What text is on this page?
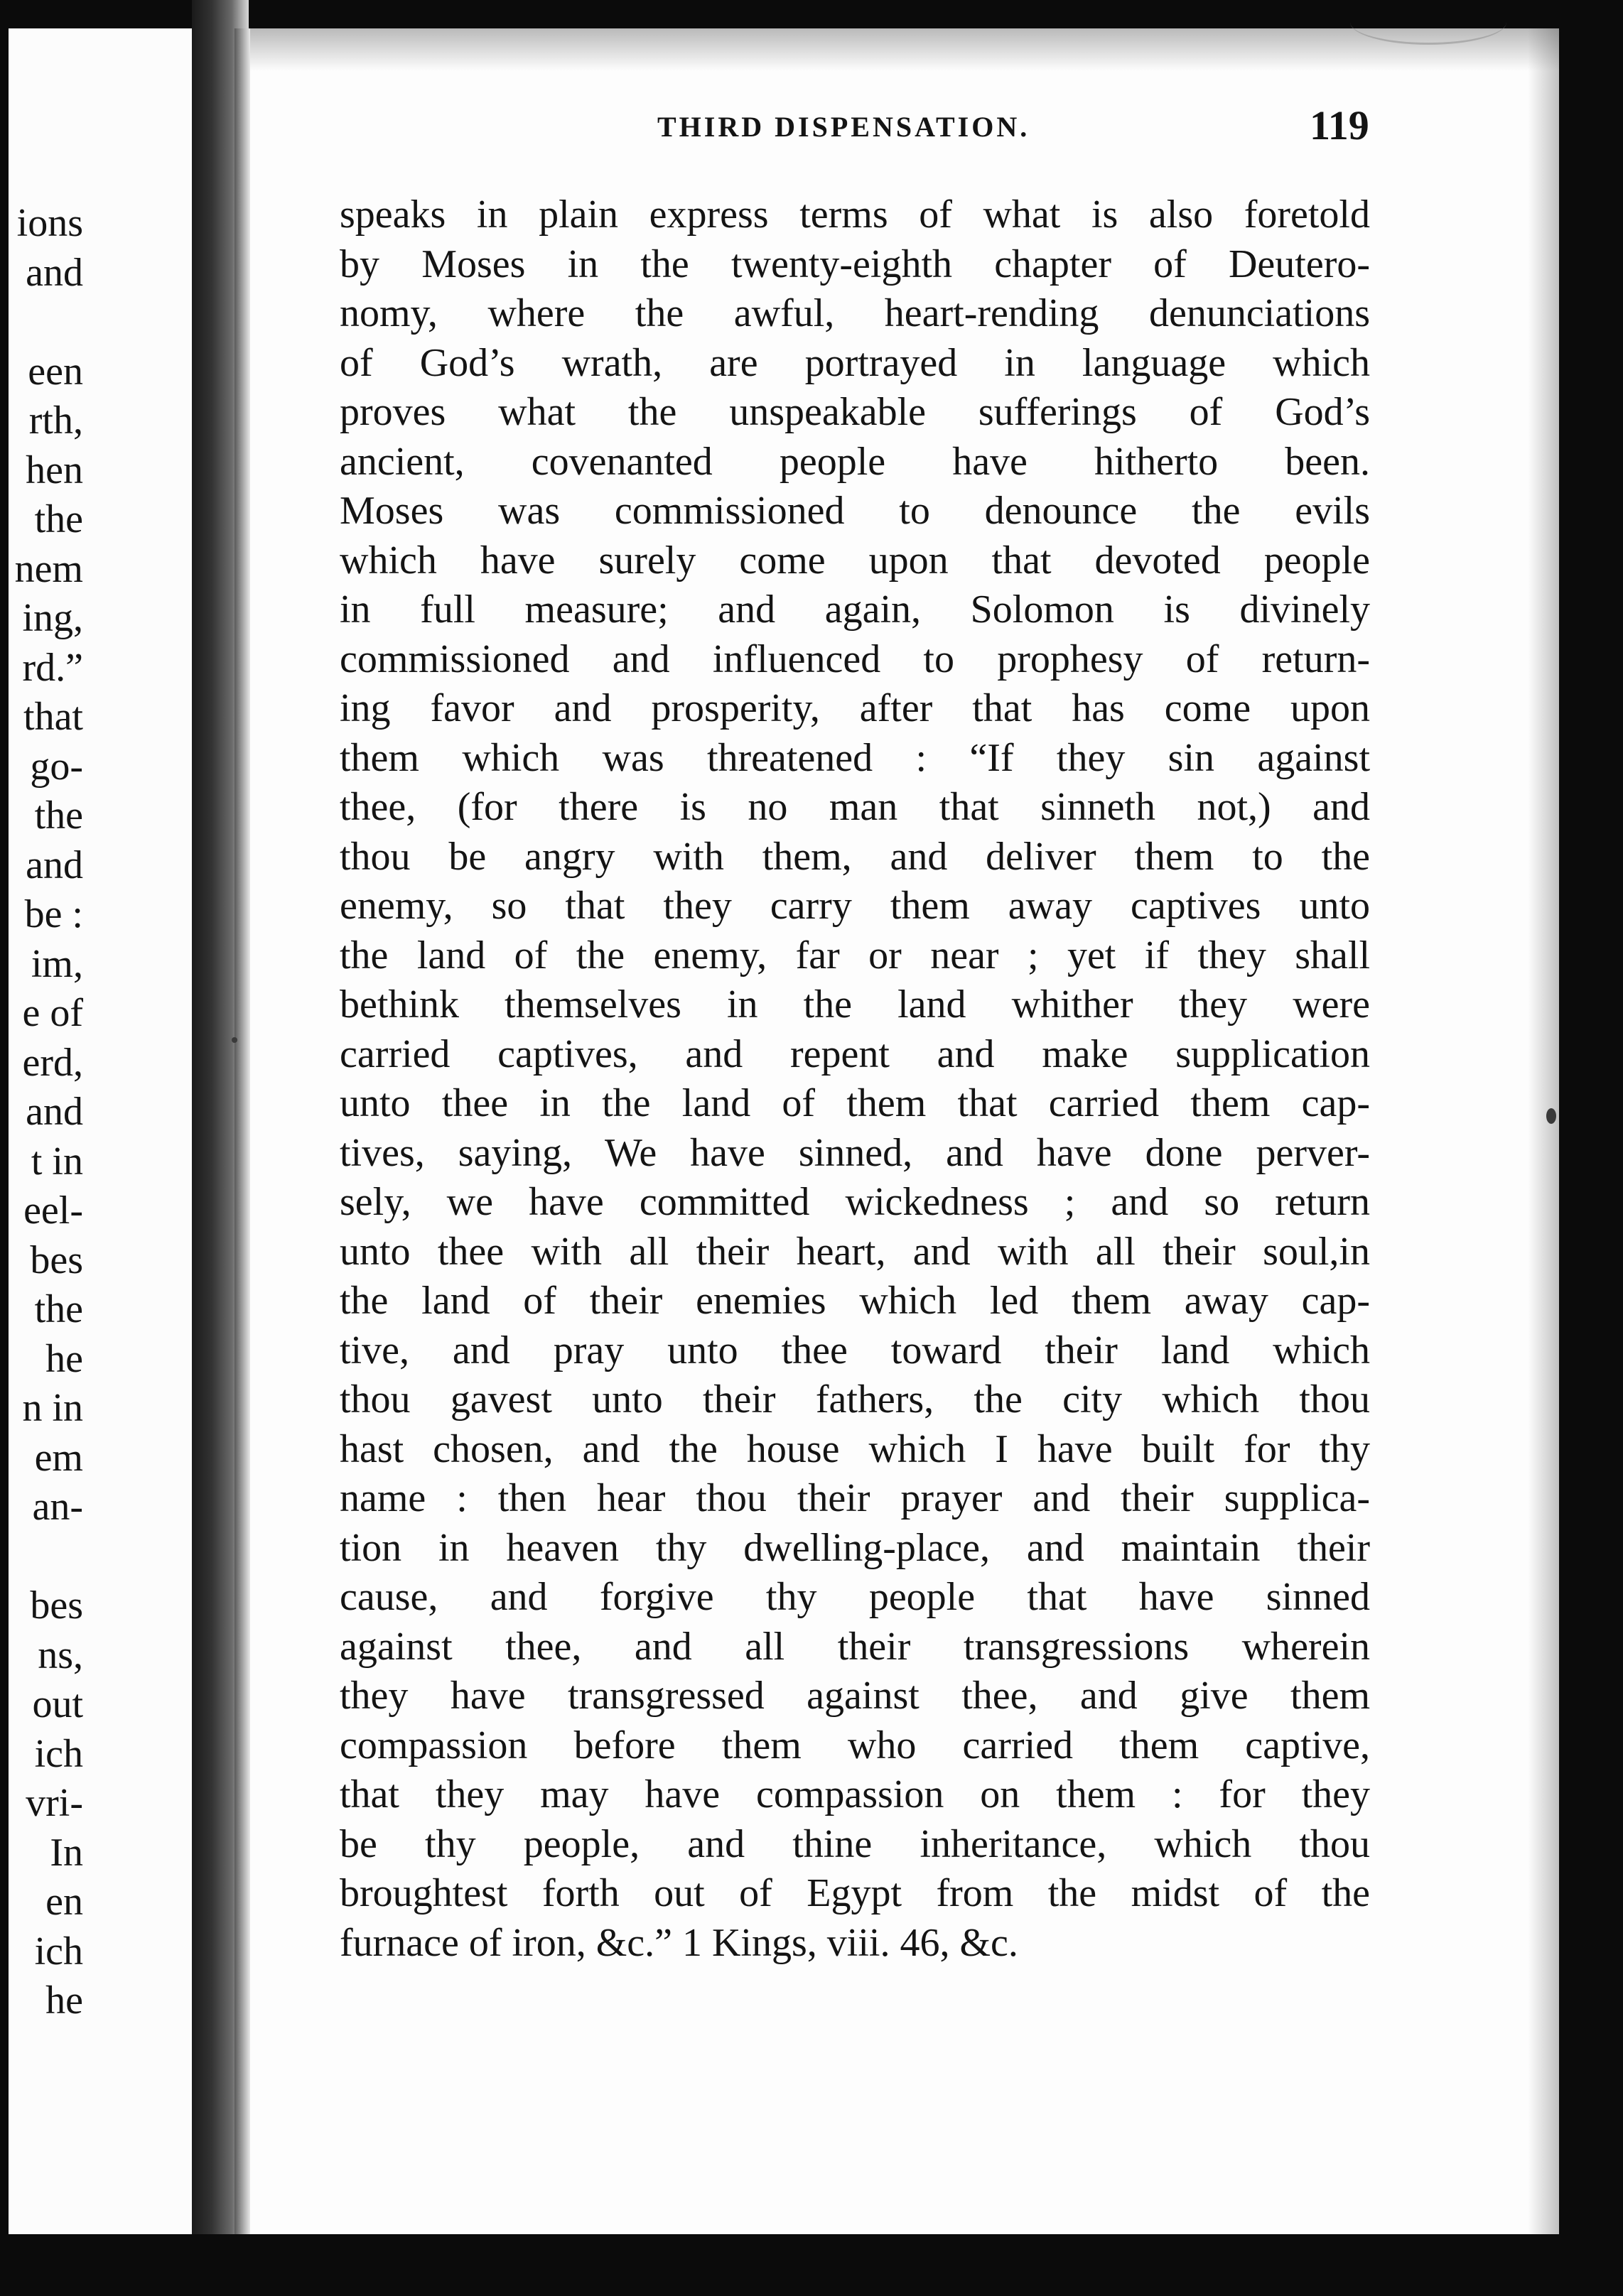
ions
and
een
rth,
hen
the
nem
ing,
rd.”
that
go-
the
and
be :
im,
e of
erd,
and
t in
eel-
bes
the
he
n in
em
an-
bes
ns,
out
ich
vri-
In
en
ich
he
THIRD DISPENSATION.	119
speaks in plain express terms of what is also foretold
by Moses in the twenty-eighth chapter of Deutero-
nomy, where the awful, heart-rending denunciations
of God’s wrath, are portrayed in language which
proves what the unspeakable sufferings of God’s
ancient, covenanted people have hitherto been.
Moses was commissioned to denounce the evils
which have surely come upon that devoted people
in full measure; and again, Solomon is divinely
commissioned and influenced to prophesy of return-
ing favor and prosperity, after that has come upon
them which was threatened : “If they sin against
thee, (for there is no man that sinneth not,) and
thou be angry with them, and deliver them to the
enemy, so that they carry them away captives unto
the land of the enemy, far or near ; yet if they shall
bethink themselves in the land whither they were
carried captives, and repent and make supplication
unto thee in the land of them that carried them cap-
tives, saying, We have sinned, and have done perver-
sely, we have committed wickedness ; and so return
unto thee with all their heart, and with all their soul,in
the land of their enemies which led them away cap-
tive, and pray unto thee toward their land which
thou gavest unto their fathers, the city which thou
hast chosen, and the house which I have built for thy
name : then hear thou their prayer and their supplica-
tion in heaven thy dwelling-place, and maintain their
cause, and forgive thy people that have sinned
against thee, and all their transgressions wherein
they have transgressed against thee, and give them
compassion before them who carried them captive,
that they may have compassion on them : for they
be thy people, and thine inheritance, which thou
broughtest forth out of Egypt from the midst of the
furnace of iron, &c.” 1 Kings, viii. 46, &c.
